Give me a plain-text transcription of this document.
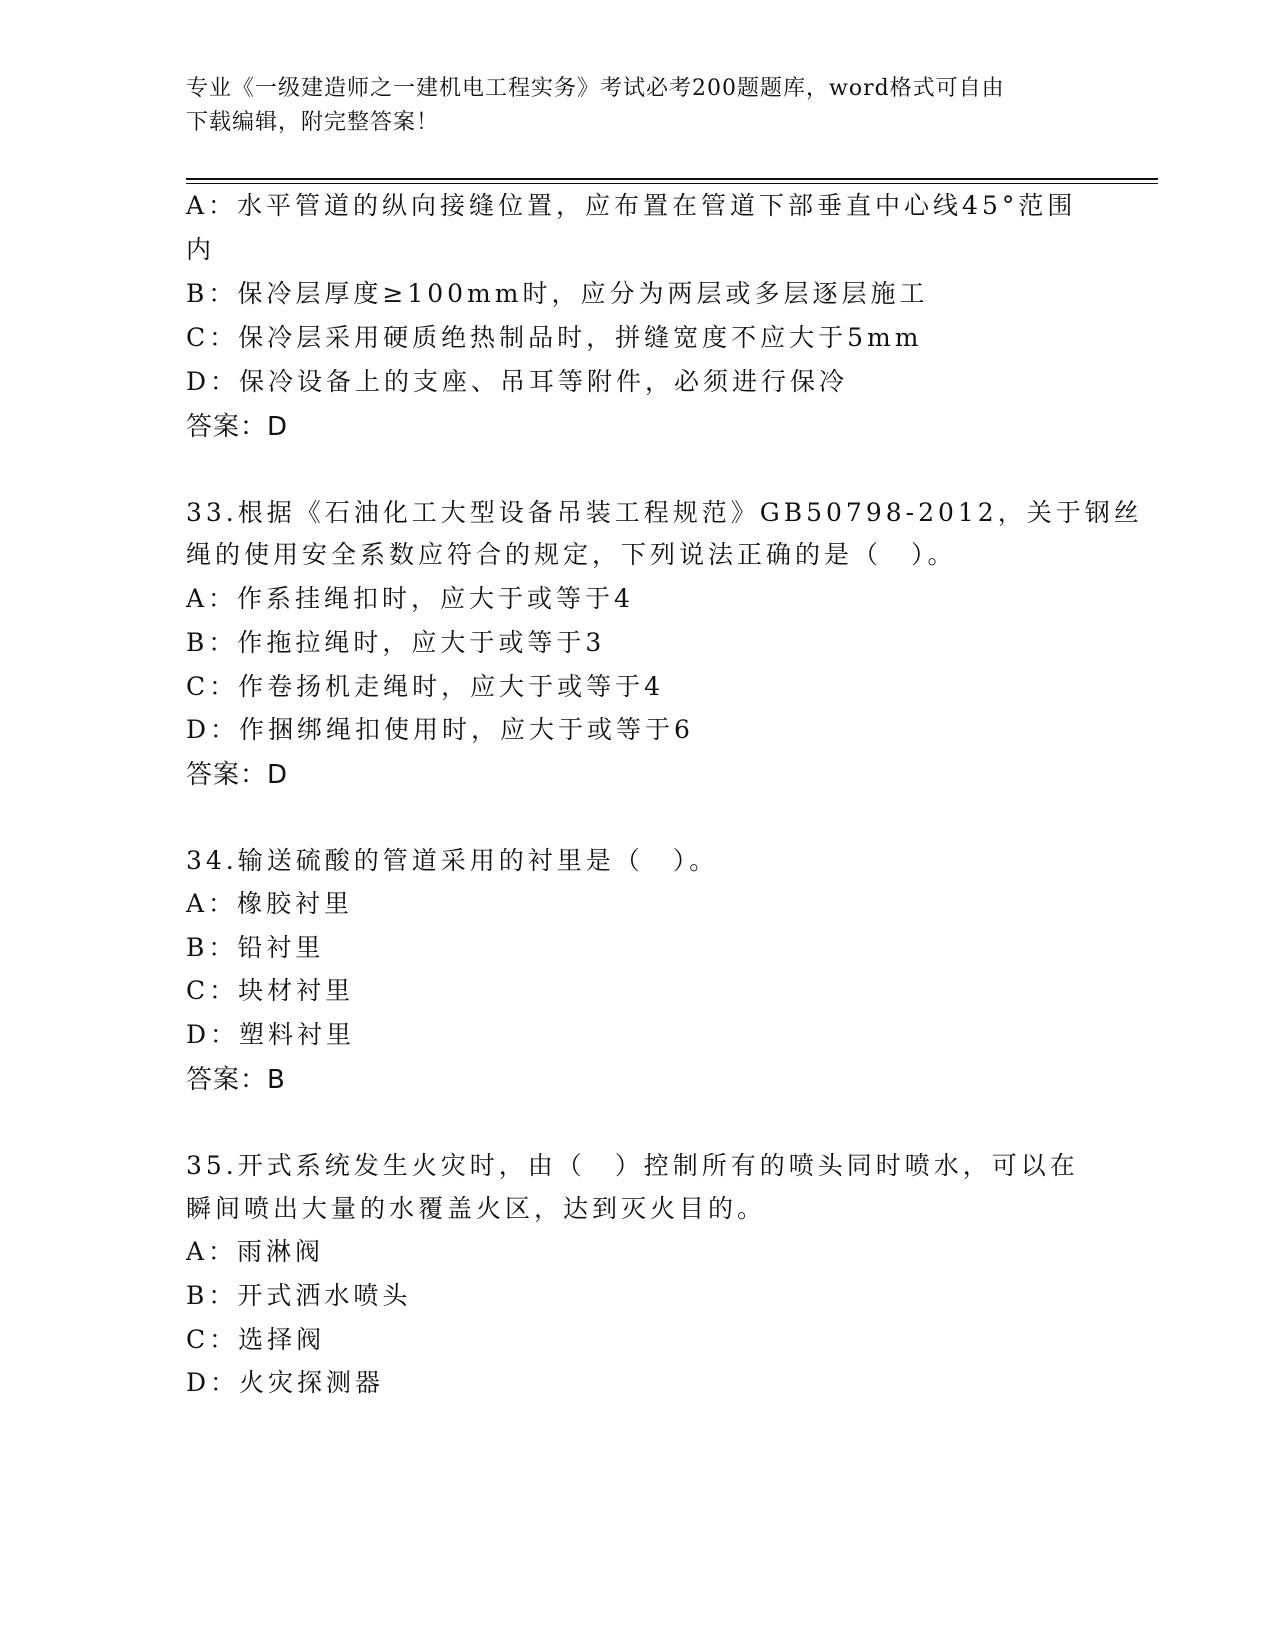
专业《一级建造师之一建机电工程实务》考试必考200题题库，word格式可自由
下载编辑，附完整答案！
A：水平管道的纵向接缝位置，应布置在管道下部垂直中心线45°范围
内
B：保冷层厚度≥100mm时，应分为两层或多层逐层施工
C：保冷层采用硬质绝热制品时，拼缝宽度不应大于5mm
D：保冷设备上的支座、吊耳等附件，必须进行保冷
答案：D
33.根据《石油化工大型设备吊装工程规范》GB50798-2012，关于钢丝
绳的使用安全系数应符合的规定，下列说法正确的是（　）。
A：作系挂绳扣时，应大于或等于4
B：作拖拉绳时，应大于或等于3
C：作卷扬机走绳时，应大于或等于4
D：作捆绑绳扣使用时，应大于或等于6
答案：D
34.输送硫酸的管道采用的衬里是（　）。
A：橡胶衬里
B：铅衬里
C：块材衬里
D：塑料衬里
答案：B
35.开式系统发生火灾时，由（　）控制所有的喷头同时喷水，可以在
瞬间喷出大量的水覆盖火区，达到灭火目的。
A：雨淋阀
B：开式洒水喷头
C：选择阀
D：火灾探测器
